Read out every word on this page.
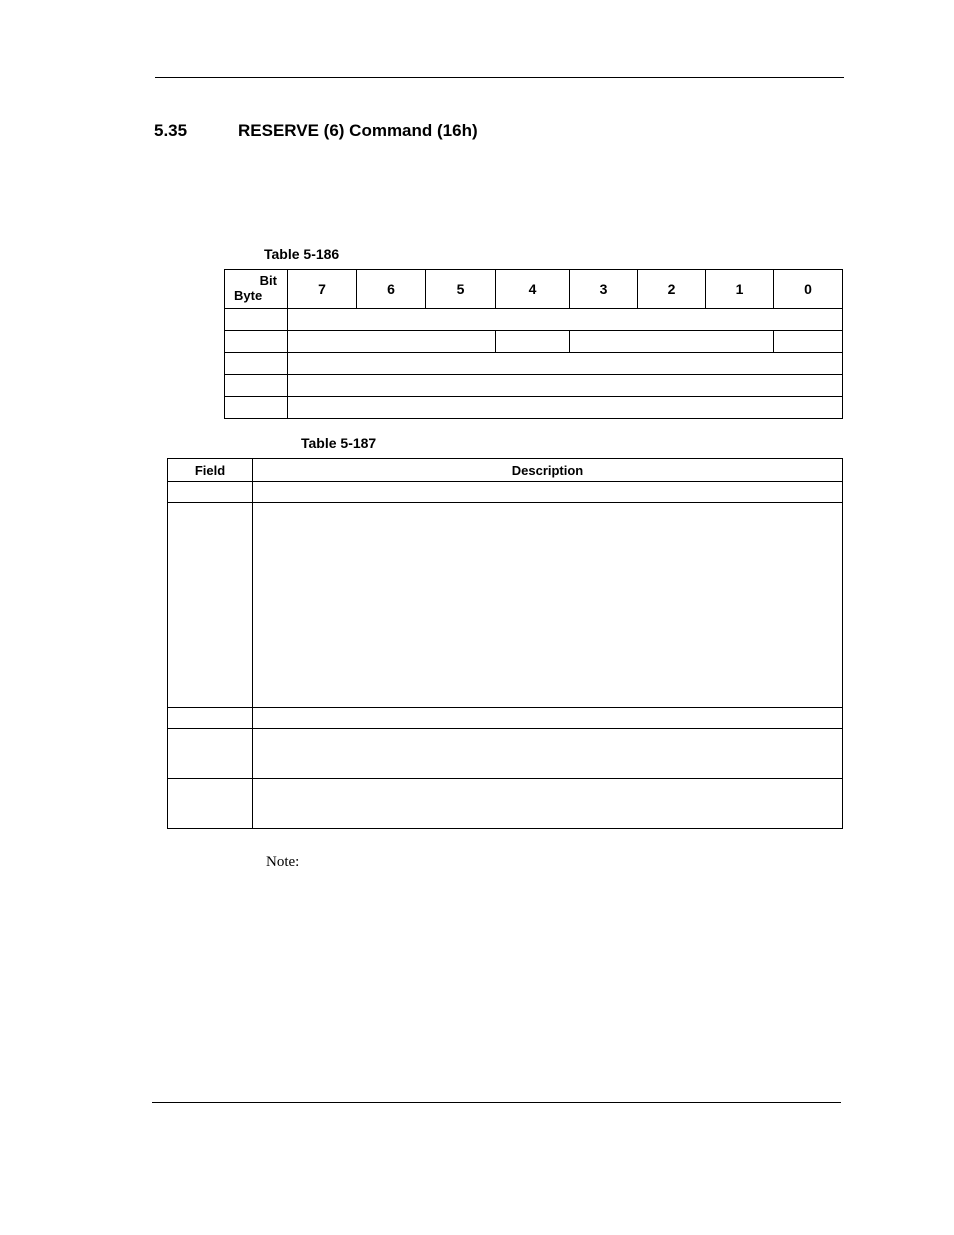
5.35	RESERVE (6) Command (16h)
Table 5-186
Bit
Byte	7	6	5	4	3	2	1	0

Table 5-187
Field	Description

Note:
